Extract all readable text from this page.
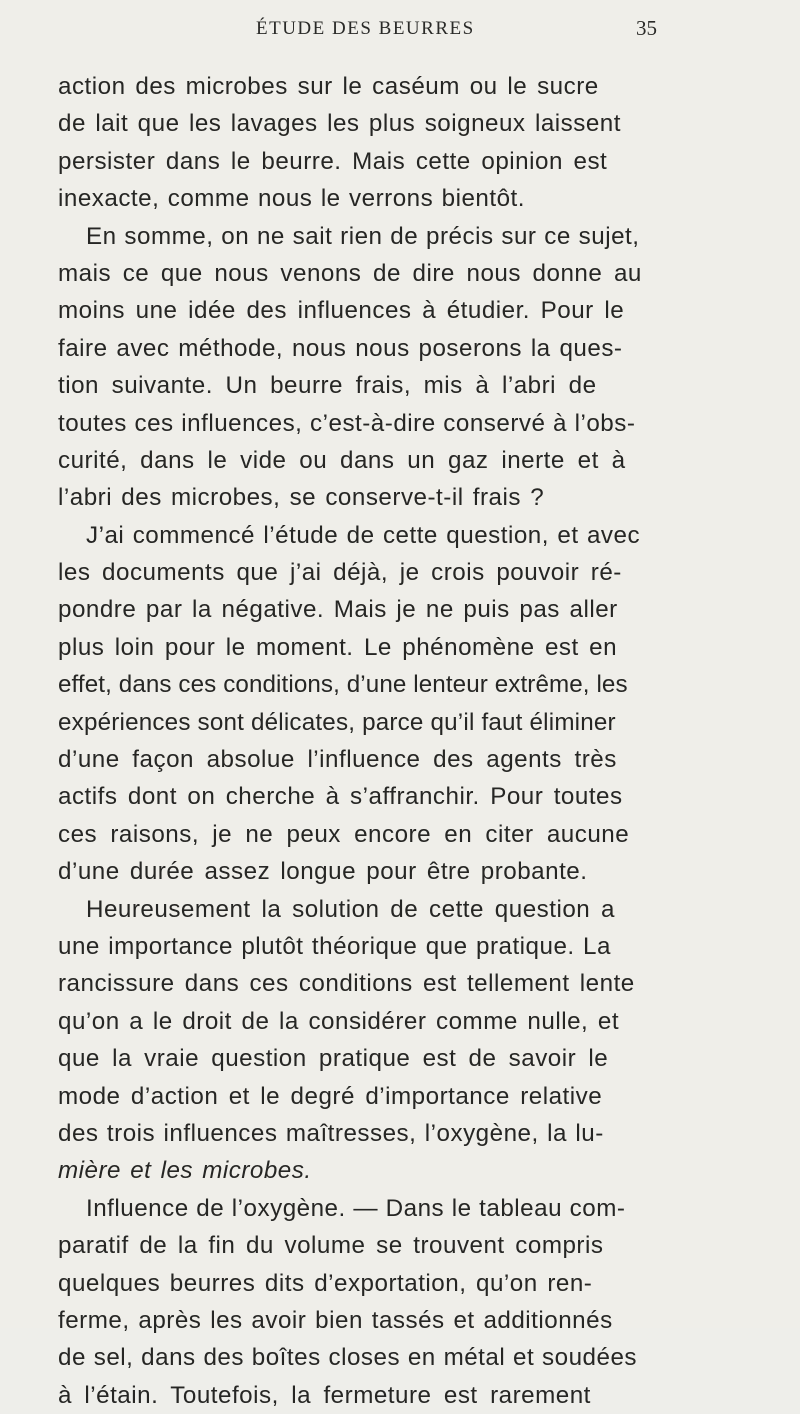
ÉTUDE DES BEURRES	35
action des microbes sur le caséum ou le sucre
de lait que les lavages les plus soigneux laissent
persister dans le beurre. Mais cette opinion est
inexacte, comme nous le verrons bientôt.
En somme, on ne sait rien de précis sur ce sujet,
mais ce que nous venons de dire nous donne au
moins une idée des influences à étudier. Pour le
faire avec méthode, nous nous poserons la ques-
tion suivante. Un beurre frais, mis à l’abri de
toutes ces influences, c’est-à-dire conservé à l’obs-
curité, dans le vide ou dans un gaz inerte et à
l’abri des microbes, se conserve-t-il frais ?
J’ai commencé l’étude de cette question, et avec
les documents que j’ai déjà, je crois pouvoir ré-
pondre par la négative. Mais je ne puis pas aller
plus loin pour le moment. Le phénomène est en
effet, dans ces conditions, d’une lenteur extrême, les
expériences sont délicates, parce qu’il faut éliminer
d’une façon absolue l’influence des agents très
actifs dont on cherche à s’affranchir. Pour toutes
ces raisons, je ne peux encore en citer aucune
d’une durée assez longue pour être probante.
Heureusement la solution de cette question a
une importance plutôt théorique que pratique. La
rancissure dans ces conditions est tellement lente
qu’on a le droit de la considérer comme nulle, et
que la vraie question pratique est de savoir le
mode d’action et le degré d’importance relative
des trois influences maîtresses, l’oxygène, la lu-
mière et les microbes.
Influence de l’oxygène. — Dans le tableau com-
paratif de la fin du volume se trouvent compris
quelques beurres dits d’exportation, qu’on ren-
ferme, après les avoir bien tassés et additionnés
de sel, dans des boîtes closes en métal et soudées
à l’étain. Toutefois, la fermeture est rarement
